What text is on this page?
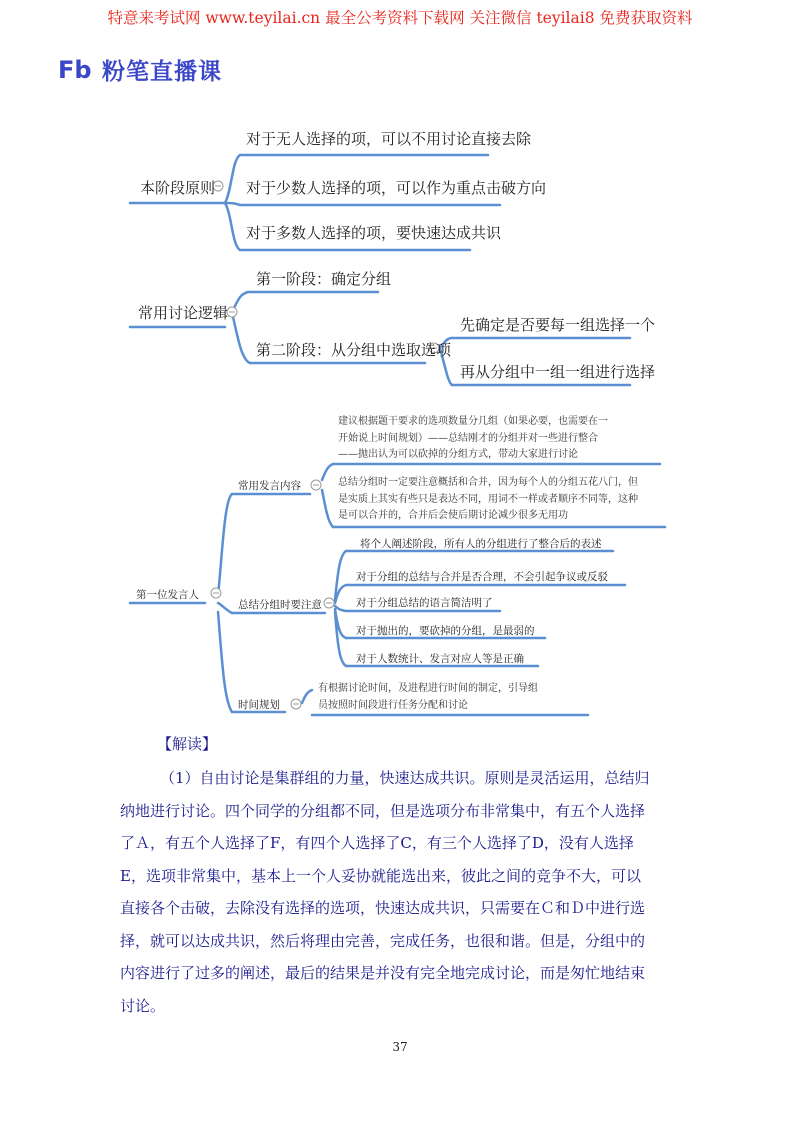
特意来考试网 www.teyilai.cn 最全公考资料下载网 关注微信 teyilai8 免费获取资料
Fb 粉笔直播课
本阶段原则
对于无人选择的项，可以不用讨论直接去除
对于少数人选择的项，可以作为重点击破方向
对于多数人选择的项，要快速达成共识
常用讨论逻辑
第一阶段：确定分组
第二阶段：从分组中选取选项
先确定是否要每一组选择一个
再从分组中一组一组进行选择
第一位发言人
常用发言内容
建议根据题干要求的选项数量分几组（如果必要，也需要在一
开始说上时间规划）——总结刚才的分组并对一些进行整合
——抛出认为可以砍掉的分组方式，带动大家进行讨论
总结分组时一定要注意概括和合并，因为每个人的分组五花八门，但
是实质上其实有些只是表达不同，用词不一样或者顺序不同等，这种
是可以合并的，合并后会使后期讨论减少很多无用功
总结分组时要注意
将个人阐述阶段，所有人的分组进行了整合后的表述
对于分组的总结与合并是否合理，不会引起争议或反驳
对于分组总结的语言简洁明了
对于抛出的，要砍掉的分组，是最弱的
对于人数统计、发言对应人等是正确
时间规划
有根据讨论时间，及进程进行时间的制定，引导组
员按照时间段进行任务分配和讨论
【解读】
（1）自由讨论是集群组的力量，快速达成共识。原则是灵活运用，总结归
纳地进行讨论。四个同学的分组都不同，但是选项分布非常集中，有五个人选择
了Ａ，有五个人选择了F，有四个人选择了C，有三个人选择了D，没有人选择
E，选项非常集中，基本上一个人妥协就能选出来，彼此之间的竞争不大，可以
直接各个击破，去除没有选择的选项，快速达成共识，只需要在Ｃ和Ｄ中进行选
择，就可以达成共识，然后将理由完善，完成任务，也很和谐。但是，分组中的
内容进行了过多的阐述，最后的结果是并没有完全地完成讨论，而是匆忙地结束
讨论。
37
